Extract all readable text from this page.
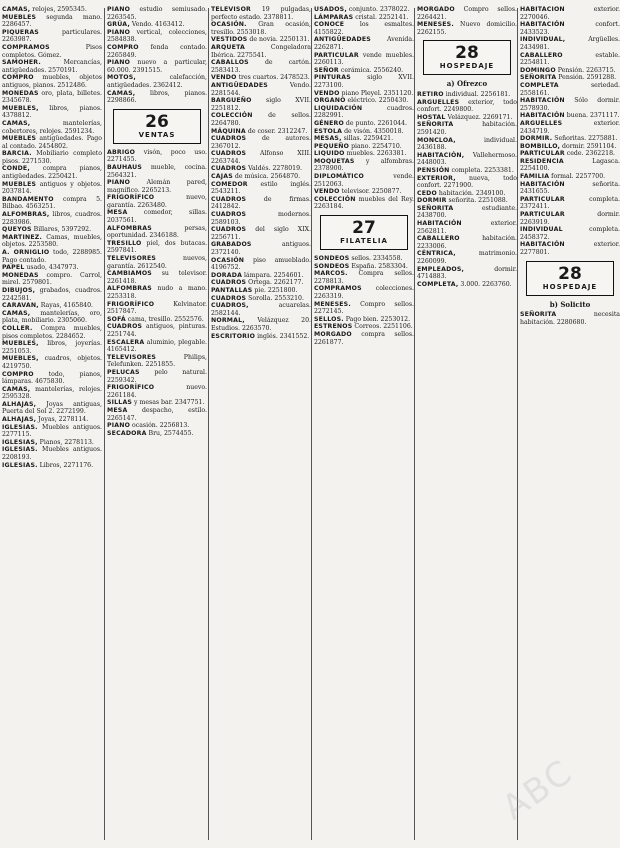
CAMAS, relojes, 2595345.

MUEBLES segunda mano. 2286457.

PIQUERAS particulares. 2263987.

COMPRAMOS Pisos completos. Gómez.

SAMOHER. Mercancías, antigüedades. 2570191.

COMPRO muebles, objetos antiguos, pianos. 2512486.

MONEDAS oro, plata, billetes. 2345678.

MUEBLES, libros, pianos. 4378812.

CAMAS, mantelerías, cobertores, relojes. 2591234.

MUEBLES antigüedades. Pago al contado. 2454802.

BARCIA. Mobiliario completo pisos. 2271530.

CONDE, compra pianos, antigüedades. 2250421.

MUEBLES antiguos y objetos. 2037814.

BANDAMENTO compra 5. Bilbao. 4563251.

ALFOMBRAS, libros, cuadros. 2283986.

QUEYOS Billares, 5397292.

MARTINEZ. Camas, muebles, objetos. 2253580.

A. ORNIGLIO todo, 2288985. Pago contado.

PAPEL usado, 4347973.

MONEDAS compro. Carrol, mirel. 2579801.

DIBUJOS, grabados, cuadros. 2242581.

CARAVAN, Rayas, 4165840.

CAMAS, mantelerías, oro, plata, mobiliario. 2305060.

COLLER. Compra muebles, pisos completos. 2284652.

MUEBLES, libros, joyerías. 2251053.

MUEBLES, cuadros, objetos. 4219750.

COMPRO todo, pianos, lámparas. 4675830.

CAMAS, mantelerías, relojes. 2595328.

ALHAJAS, Joyas antiguas, Puerta del Sol 2. 2272199.

ALHAJAS, Joyas, 2278114.

IGLESIAS. Muebles antiguos. 2277115.

IGLESIAS, Pianos, 2278113.

IGLESIAS. Muebles antiguos. 2208193.

IGLESIAS. Libros, 2271176.

PIANO estudio semiusado. 2263545.

GRÚA, Vendo. 4163412.

PIANO vertical, colecciones, 2584838.

COMPRO fenda contado. 2265849.

PIANO nuevo a particular, 60.000. 2391515.

MOTOS, calefacción, antigüedades. 2362412.

CAMAS, libros, pianos. 2298866.

26
VENTAS

ABRIGO visón, poco uso. 2271455.

BAUHAUS mueble, cocina. 2564321.

PIANO Alemán pared, magnífico. 2265213.

FRIGORÍFICO nuevo, garantía. 2263480.

MESA comedor, sillas. 2037561.

ALFOMBRAS persas, oportunidad. 2346188.

TRESILLO piel, dos butacas. 2597841.

TELEVISORES nuevos, garantía. 2612540.

CAMBIAMOS su televisor. 2261418.

ALFOMBRAS nudo a mano. 2253318.

FRIGORÍFICO Kelvinator. 2517847.

SOFÁ cama, tresillo. 2552576.

CUADROS antiguos, pinturas. 2251744.

ESCALERA aluminio, plegable. 4165412.

TELEVISORES Philips, Telefunken. 2251855.

PELUCAS pelo natural. 2259342.

FRIGORÍFICO nuevo. 2261184.

SILLAS y mesas bar. 2347751.

MESA despacho, estilo. 2265147.

PIANO ocasión. 2256813.

SECADORA Bru, 2574455.

TELEVISOR 19 pulgadas, perfecto estado. 2378811.

OCASIÓN. Gran ocasión, tresillo. 2553018.

VESTIDOS de novia. 2250131.

ARQUETA Congeladora Ibérica. 2275541.

CABALLOS de cartón. 2583413.

VENDO tres cuartos. 2478523.

ANTIGÜEDADES Vendo. 2281544.

BARGUEÑO siglo XVII. 2251812.

COLECCIÓN de sellos. 2264780.

MÁQUINA de coser. 2312247.

CUADROS de autores. 2367012.

CUADROS Alfonso XIII. 2263744.

CUADROS Valdés. 2278019.

CAJAS de música. 2564870.

COMEDOR estilo inglés. 2543211.

CUADROS de firmas. 2412842.

CUADROS modernos. 2589103.

CUADROS del siglo XIX. 2256711.

GRABADOS antiguos. 2372140.

OCASIÓN piso amueblado. 4196752.

DORADA lámpara. 2254601.

CUADROS Ortega. 2262177.

PANTALLAS pie. 2251800.

CUADROS Sorolla. 2553210.

CUADROS, acuarelas. 2582144.

NORMAL, Velázquez 20. Estudios. 2263570.

ESCRITORIO inglés. 2341552.

USADOS, conjunto. 2378022.

LÁMPARAS cristal. 2252141.

CONOCE los esmaltes. 4155822.

ANTIGÜEDADES Avenida. 2262871.

PARTICULAR vende muebles. 2260113.

SEÑOR cerámica. 2556240.

PINTURAS siglo XVII. 2273100.

VENDO piano Pleyel. 2351120.

ORGANO eléctrico. 2250430.

LIQUIDACIÓN cuadros. 2282991.

GÉNERO de punto. 2261044.

ESTOLA de visón. 4350018.

MESAS, sillas. 2259421.

PEQUEÑO piano. 2254710.

LIQUIDO muebles. 2263381.

MOQUETAS y alfombras. 2378900.

DIPLOMÁTICO vende. 2512063.

VENDO televisor. 2250877.

COLECCIÓN muebles del Rey. 2263184.

27
FILATELIA

SONDEOS sellos. 2334558.

SONDEOS España. 2583304.

MARCOS. Compra sellos. 2278813.

COMPRAMOS colecciones. 2263319.

MENESES. Compro sellos. 2272145.

SELLOS. Pago bien. 2253012.

ESTRENOS Correos. 2251106.

MORGADO compra sellos. 2261877.

MORGADO Compro sellos. 2264421.

MENESES. Nuevo domicilio. 2262155.

28
HOSPEDAJE
a) Ofrezco

RETIRO individual. 2256181.

ARGUELLES exterior, todo confort. 2249800.

HOSTAL Velázquez. 2269171.

SEÑORITA habitación. 2591420.

MONCLOA, individual. 2436188.

HABITACIÓN, Vallehermoso. 2448003.

PENSIÓN completa. 2253381.

EXTERIOR, nueva, todo confort. 2271900.

CEDO habitación. 2349100.

DORMIR señorita. 2251088.

SEÑORITA estudiante. 2438700.

HABITACIÓN exterior. 2562811.

CABALLERO habitación. 2233006.

CÉNTRICA, matrimonio. 2260099.

EMPLEADOS, dormir. 4714883.

COMPLETA, 3.000. 2263760.

HABITACIÓN exterior. 2270046.

HABITACIÓN confort. 2433523.

INDIVIDUAL, Argüelles. 2434981.

CABALLERO estable. 2254811.

DOMINGO Pensión. 2263715.

SEÑORITA Pensión. 2591288.

COMPLETA seriedad. 2558161.

HABITACIÓN Sólo dormir. 2578930.

HABITACIÓN buena. 2371117.

ARGUELLES exterior. 2434719.

DORMIR. Señoritas. 2275881.

BOMBILLO, dormir. 2591104.

PARTICULAR cede. 2362218.

RESIDENCIA Lagasca. 2254100.

FAMILIA formal. 2257700.

HABITACIÓN señorita. 2431655.

PARTICULAR completa. 2372411.

PARTICULAR dormir. 2263919.

INDIVIDUAL completa. 2458372.

HABITACIÓN exterior. 2277801.

28
HOSPEDAJE
b) Solicito

SEÑORITA necesita habitación. 2280680.

ABC
